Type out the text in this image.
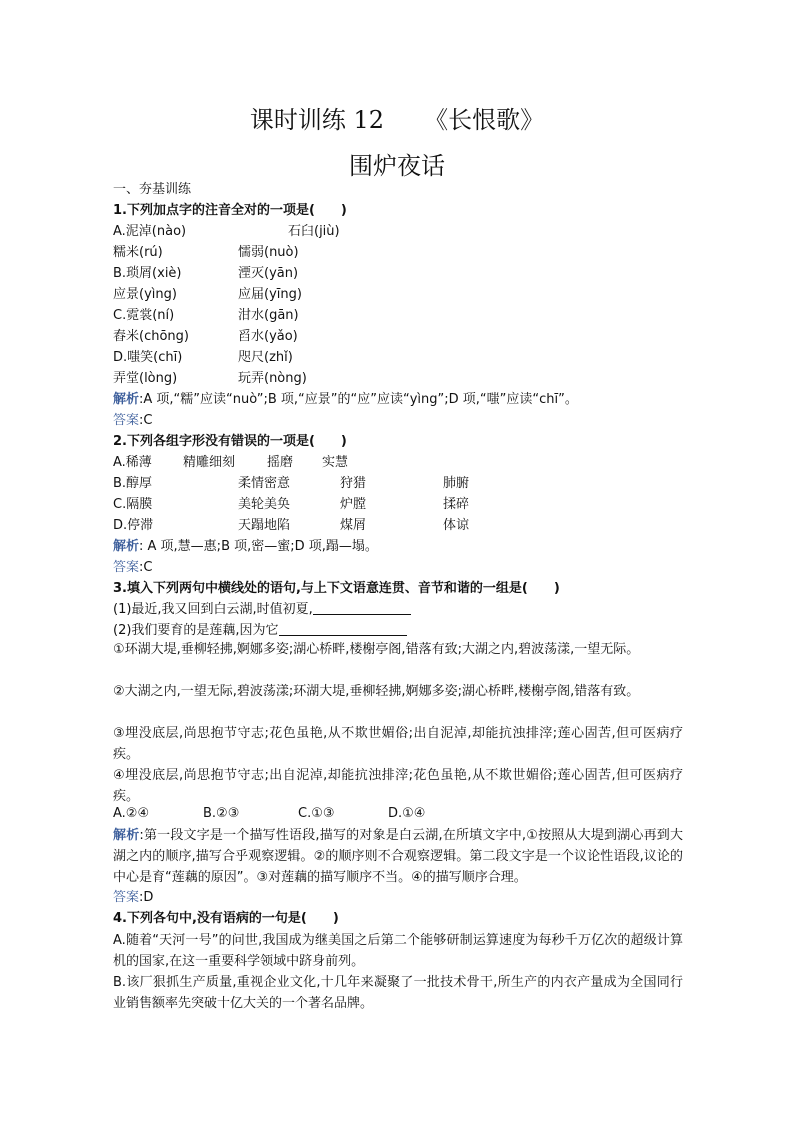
课时训练 12 《长恨歌》
围炉夜话
一、夯基训练
1.下列加点字的注音全对的一项是(　　)
A.泥淖(nào)	石臼(jiù)
糯米(rú)	懦弱(nuò)
B.琐屑(xiè)	湮灭(yān)
应景(yìng)	应届(yīng)
C.霓裳(ní)	泔水(gān)
舂米(chōng)	舀水(yǎo)
D.嗤笑(chī)	咫尺(zhǐ)
弄堂(lòng)	玩弄(nòng)
解析:A 项,“糯”应读“nuò”;B 项,“应景”的“应”应读“yìng”;D 项,“嗤”应读“chī”。
答案:C
2.下列各组字形没有错误的一项是(　　)
A.稀薄 精雕细刻 摇磨 实慧
B.醇厚	柔情密意	狩猎	肺腑
C.隔膜	美轮美奂	炉膛	揉碎
D.停滞	天蹋地陷	煤屑	体谅
解析: A 项,慧—惠;B 项,密—蜜;D 项,蹋—塌。
答案:C
3.填入下列两句中横线处的语句,与上下文语意连贯、音节和谐的一组是(　　)
(1)最近,我又回到白云湖,时值初夏,
(2)我们要育的是莲藕,因为它
①环湖大堤,垂柳轻拂,婀娜多姿;湖心桥畔,楼榭亭阁,错落有致;大湖之内,碧波荡漾,一望无际。
②大湖之内,一望无际,碧波荡漾;环湖大堤,垂柳轻拂,婀娜多姿;湖心桥畔,楼榭亭阁,错落有致。
③埋没底层,尚思抱节守志;花色虽艳,从不欺世媚俗;出自泥淖,却能抗浊排滓;莲心固苦,但可医病疗疾。
④埋没底层,尚思抱节守志;出自泥淖,却能抗浊排滓;花色虽艳,从不欺世媚俗;莲心固苦,但可医病疗疾。
A.②④	B.②③	C.①③	D.①④
解析:第一段文字是一个描写性语段,描写的对象是白云湖,在所填文字中,①按照从大堤到湖心再到大湖之内的顺序,描写合乎观察逻辑。②的顺序则不合观察逻辑。第二段文字是一个议论性语段,议论的中心是育“莲藕的原因”。③对莲藕的描写顺序不当。④的描写顺序合理。
答案:D
4.下列各句中,没有语病的一句是(　　)
A.随着“天河一号”的问世,我国成为继美国之后第二个能够研制运算速度为每秒千万亿次的超级计算机的国家,在这一重要科学领域中跻身前列。
B.该厂狠抓生产质量,重视企业文化,十几年来凝聚了一批技术骨干,所生产的内衣产量成为全国同行业销售额率先突破十亿大关的一个著名品牌。
